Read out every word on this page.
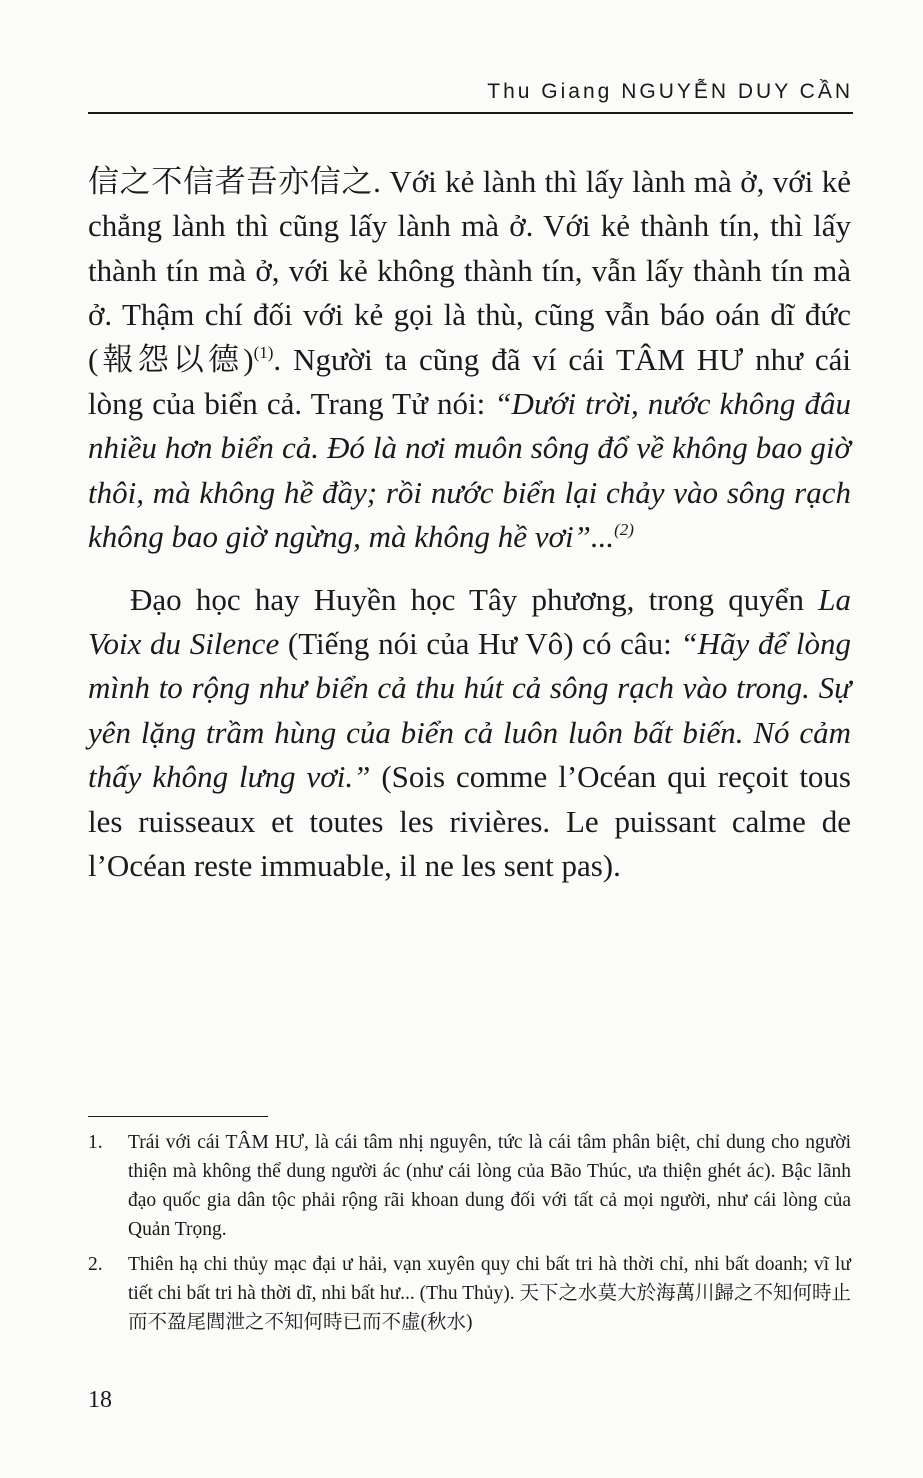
Thu Giang NGUYỄN DUY CẦN

信之不信者吾亦信之. Với kẻ lành thì lấy lành mà ở, với kẻ chẳng lành thì cũng lấy lành mà ở. Với kẻ thành tín, thì lấy thành tín mà ở, với kẻ không thành tín, vẫn lấy thành tín mà ở. Thậm chí đối với kẻ gọi là thù, cũng vẫn báo oán dĩ đức (報怨以德)$^{(1)}$. Người ta cũng đã ví cái TÂM HƯ như cái lòng của biển cả. Trang Tử nói: “Dưới trời, nước không đâu nhiều hơn biển cả. Đó là nơi muôn sông đổ về không bao giờ thôi, mà không hề đầy; rồi nước biển lại chảy vào sông rạch không bao giờ ngừng, mà không hề vơi”...$^{(2)}$

Đạo học hay Huyền học Tây phương, trong quyển La Voix du Silence (Tiếng nói của Hư Vô) có câu: “Hãy để lòng mình to rộng như biển cả thu hút cả sông rạch vào trong. Sự yên lặng trầm hùng của biển cả luôn luôn bất biến. Nó cảm thấy không lưng vơi.” (Sois comme l’Océan qui reçoit tous les ruisseaux et toutes les rivières. Le puissant calme de l’Océan reste immuable, il ne les sent pas).

1.	Trái với cái TÂM HƯ, là cái tâm nhị nguyên, tức là cái tâm phân biệt, chỉ dung cho người thiện mà không thể dung người ác (như cái lòng của Bão Thúc, ưa thiện ghét ác). Bậc lãnh đạo quốc gia dân tộc phải rộng rãi khoan dung đối với tất cả mọi người, như cái lòng của Quản Trọng.
2.	Thiên hạ chi thủy mạc đại ư hải, vạn xuyên quy chi bất tri hà thời chỉ, nhi bất doanh; vĩ lư tiết chi bất tri hà thời dĩ, nhi bất hư... (Thu Thủy). 天下之水莫大於海萬川歸之不知何時止而不盈尾閭泄之不知何時已而不虛(秋水)
18
